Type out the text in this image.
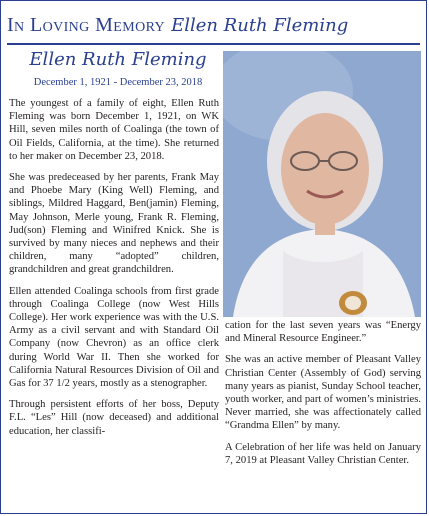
In Loving Memory Ellen Ruth Fleming
Ellen Ruth Fleming
December 1, 1921 - December 23, 2018

The youngest of a family of eight, Ellen Ruth Fleming was born December 1, 1921, on WK Hill, seven miles north of Coalinga (the town of Oil Fields, California, at the time). She returned to her maker on December 23, 2018.

She was predeceased by her parents, Frank May and Phoebe Mary (King Well) Fleming, and siblings, Mildred Haggard, Ben(jamin) Fleming, May Johnson, Merle young, Frank R. Fleming, Jud(son) Fleming and Winifred Knick. She is survived by many nieces and nephews and their children, many “adopted” children, grandchildren and great grandchildren.

Ellen attended Coalinga schools from first grade through Coalinga College (now West Hills College). Her work experience was with the U.S. Army as a civil servant and with Standard Oil Company (now Chevron) as an office clerk during World War II. Then she worked for California Natural Resources Division of Oil and Gas for 37 1/2 years, mostly as a stenographer.

Through persistent efforts of her boss, Deputy F.L. “Les” Hill (now deceased) and additional education, her classifi-

cation for the last seven years was “Energy and Mineral Resource Engineer.”

She was an active member of Pleasant Valley Christian Center (Assembly of God) serving many years as pianist, Sunday School teacher, youth worker, and part of women’s ministries. Never married, she was affectionately called “Grandma Ellen” by many.

A Celebration of her life was held on January 7, 2019 at Pleasant Valley Christian Center.
